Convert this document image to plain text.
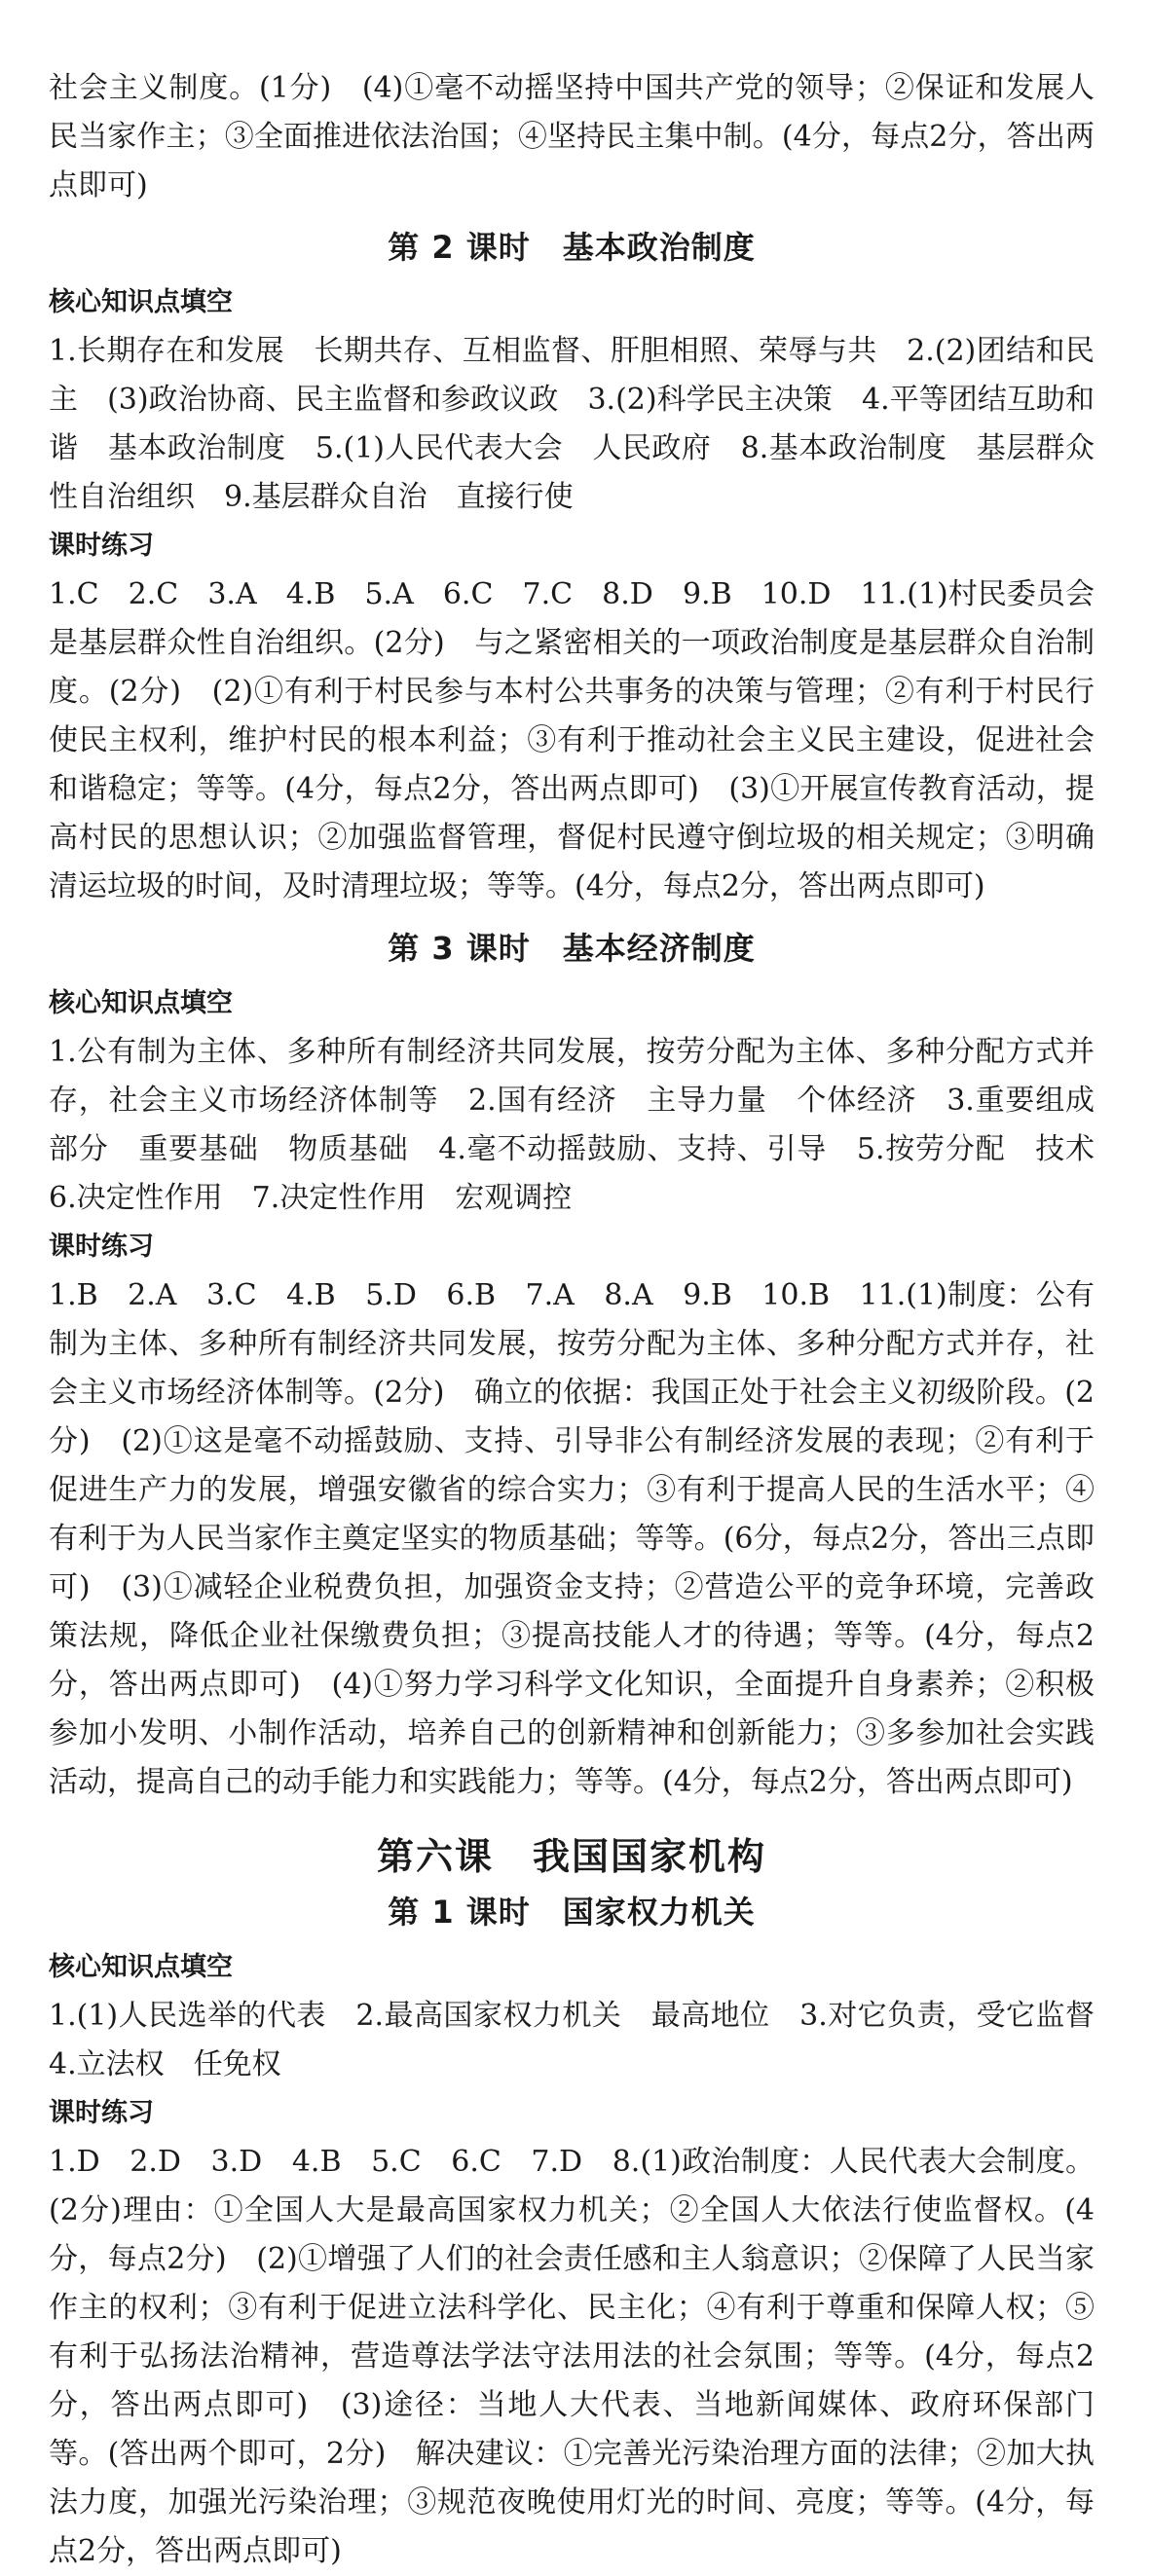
社会主义制度。(1分)　(4)①毫不动摇坚持中国共产党的领导；②保证和发展人民当家作主；③全面推进依法治国；④坚持民主集中制。(4分，每点2分，答出两点即可)

第 2 课时　基本政治制度
核心知识点填空

1.长期存在和发展　长期共存、互相监督、肝胆相照、荣辱与共　2.(2)团结和民主　(3)政治协商、民主监督和参政议政　3.(2)科学民主决策　4.平等团结互助和谐　基本政治制度　5.(1)人民代表大会　人民政府　8.基本政治制度　基层群众性自治组织　9.基层群众自治　直接行使

课时练习

1.C　2.C　3.A　4.B　5.A　6.C　7.C　8.D　9.B　10.D　11.(1)村民委员会是基层群众性自治组织。(2分)　与之紧密相关的一项政治制度是基层群众自治制度。(2分)　(2)①有利于村民参与本村公共事务的决策与管理；②有利于村民行使民主权利，维护村民的根本利益；③有利于推动社会主义民主建设，促进社会和谐稳定；等等。(4分，每点2分，答出两点即可)　(3)①开展宣传教育活动，提高村民的思想认识；②加强监督管理，督促村民遵守倒垃圾的相关规定；③明确清运垃圾的时间，及时清理垃圾；等等。(4分，每点2分，答出两点即可)

第 3 课时　基本经济制度
核心知识点填空

1.公有制为主体、多种所有制经济共同发展，按劳分配为主体、多种分配方式并存，社会主义市场经济体制等　2.国有经济　主导力量　个体经济　3.重要组成部分　重要基础　物质基础　4.毫不动摇鼓励、支持、引导　5.按劳分配　技术　6.决定性作用　7.决定性作用　宏观调控

课时练习

1.B　2.A　3.C　4.B　5.D　6.B　7.A　8.A　9.B　10.B　11.(1)制度：公有制为主体、多种所有制经济共同发展，按劳分配为主体、多种分配方式并存，社会主义市场经济体制等。(2分)　确立的依据：我国正处于社会主义初级阶段。(2分)　(2)①这是毫不动摇鼓励、支持、引导非公有制经济发展的表现；②有利于促进生产力的发展，增强安徽省的综合实力；③有利于提高人民的生活水平；④有利于为人民当家作主奠定坚实的物质基础；等等。(6分，每点2分，答出三点即可)　(3)①减轻企业税费负担，加强资金支持；②营造公平的竞争环境，完善政策法规，降低企业社保缴费负担；③提高技能人才的待遇；等等。(4分，每点2分，答出两点即可)　(4)①努力学习科学文化知识，全面提升自身素养；②积极参加小发明、小制作活动，培养自己的创新精神和创新能力；③多参加社会实践活动，提高自己的动手能力和实践能力；等等。(4分，每点2分，答出两点即可)

第六课　我国国家机构
第 1 课时　国家权力机关
核心知识点填空

1.(1)人民选举的代表　2.最高国家权力机关　最高地位　3.对它负责，受它监督　4.立法权　任免权

课时练习

1.D　2.D　3.D　4.B　5.C　6.C　7.D　8.(1)政治制度：人民代表大会制度。(2分)理由：①全国人大是最高国家权力机关；②全国人大依法行使监督权。(4分，每点2分)　(2)①增强了人们的社会责任感和主人翁意识；②保障了人民当家作主的权利；③有利于促进立法科学化、民主化；④有利于尊重和保障人权；⑤有利于弘扬法治精神，营造尊法学法守法用法的社会氛围；等等。(4分，每点2分，答出两点即可)　(3)途径：当地人大代表、当地新闻媒体、政府环保部门等。(答出两个即可，2分)　解决建议：①完善光污染治理方面的法律；②加大执法力度，加强光污染治理；③规范夜晚使用灯光的时间、亮度；等等。(4分，每点2分，答出两点即可)
